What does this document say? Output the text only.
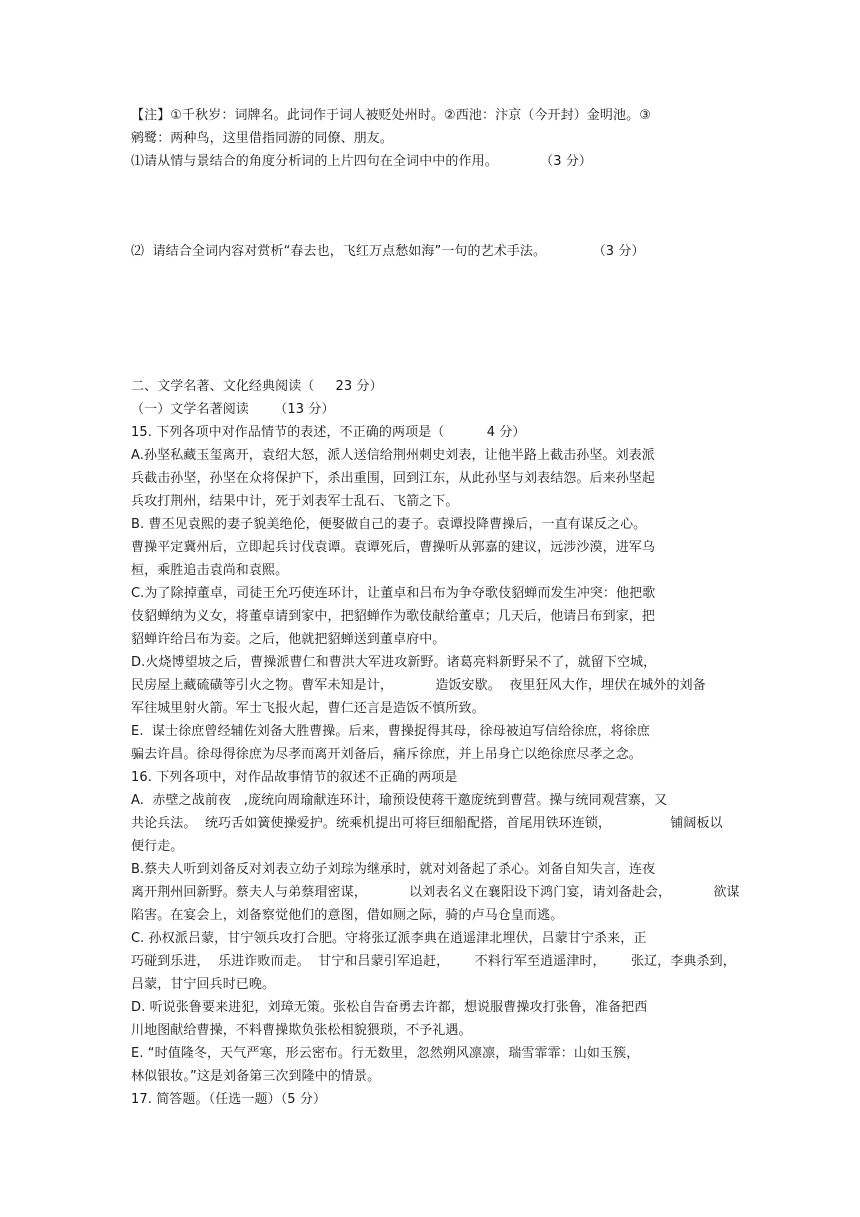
【注】①千秋岁：词牌名。此词作于词人被贬处州时。②西池：汴京（今开封）金明池。③
鹓鹭：两种鸟，这里借指同游的同僚、朋友。
⑴请从情与景结合的角度分析词的上片四句在全词中中的作用。          （3 分）
⑵  请结合全词内容对赏析“春去也，飞红万点愁如海”一句的艺术手法。           （3 分）
二、文学名著、文化经典阅读（     23 分）
（一）文学名著阅读      （13 分）
15. 下列各项中对作品情节的表述，不正确的两项是（          4 分）
A.孙坚私藏玉玺离开，袁绍大怒，派人送信给荆州刺史刘表，让他半路上截击孙坚。刘表派
兵截击孙坚，孙坚在众将保护下，杀出重围，回到江东，从此孙坚与刘表结怨。后来孙坚起
兵攻打荆州，结果中计，死于刘表军士乱石、飞箭之下。
B. 曹丕见袁熙的妻子貌美绝伦，便娶做自己的妻子。袁谭投降曹操后，一直有谋反之心。
曹操平定冀州后，立即起兵讨伐袁谭。袁谭死后，曹操听从郭嘉的建议，远涉沙漠，进军乌
桓，乘胜追击袁尚和袁熙。
C.为了除掉董卓，司徒王允巧使连环计，让董卓和吕布为争夺歌伎貂蝉而发生冲突：他把歌
伎貂蝉纳为义女，将董卓请到家中，把貂蝉作为歌伎献给董卓；几天后，他请吕布到家，把
貂蝉许给吕布为妾。之后，他就把貂蝉送到董卓府中。
D.火烧博望坡之后，曹操派曹仁和曹洪大军进攻新野。诸葛亮料新野呆不了，就留下空城，
民房屋上藏硫磺等引火之物。曹军未知是计，          造饭安歇。  夜里狂风大作，埋伏在城外的刘备
军往城里射火箭。军士飞报火起，曹仁还言是造饭不慎所致。
E.  谋士徐庶曾经辅佐刘备大胜曹操。后来，曹操捉得其母，徐母被迫写信给徐庶，将徐庶
骗去许昌。徐母得徐庶为尽孝而离开刘备后，痛斥徐庶，并上吊身亡以绝徐庶尽孝之念。
16. 下列各项中，对作品故事情节的叙述不正确的两项是
A.  赤壁之战前夜   ,庞统向周瑜献连环计，瑜预设使蒋干邀庞统到曹营。操与统同观营寨，又
共论兵法。  统巧舌如簧使操爱护。统乘机提出可将巨细船配搭，首尾用铁环连锁，              铺阔板以
便行走。
B.蔡夫人听到刘备反对刘表立幼子刘琮为继承时，就对刘备起了杀心。刘备自知失言，连夜
离开荆州回新野。蔡夫人与弟蔡瑁密谋，          以刘表名义在襄阳设下鸿门宴，请刘备赴会，          欲谋
陷害。在宴会上，刘备察觉他们的意图，借如厕之际，骑的卢马仓皇而逃。
C. 孙权派吕蒙，甘宁领兵攻打合肥。守将张辽派李典在逍遥津北埋伏，吕蒙甘宁杀来，正
巧碰到乐进，  乐进诈败而走。  甘宁和吕蒙引军追赶，      不料行军至逍遥津时，      张辽，李典杀到，
吕蒙，甘宁回兵时已晚。
D. 听说张鲁要来进犯，刘璋无策。张松自告奋勇去许都，想说服曹操攻打张鲁，准备把西
川地图献给曹操，不料曹操欺负张松相貌猥琐，不予礼遇。
E. “时值隆冬，天气严寒，形云密布。行无数里，忽然朔风凛凛，瑞雪霏霏：山如玉簇，
林似银妆。”这是刘备第三次到隆中的情景。
17. 简答题。（任选一题）（5 分）
